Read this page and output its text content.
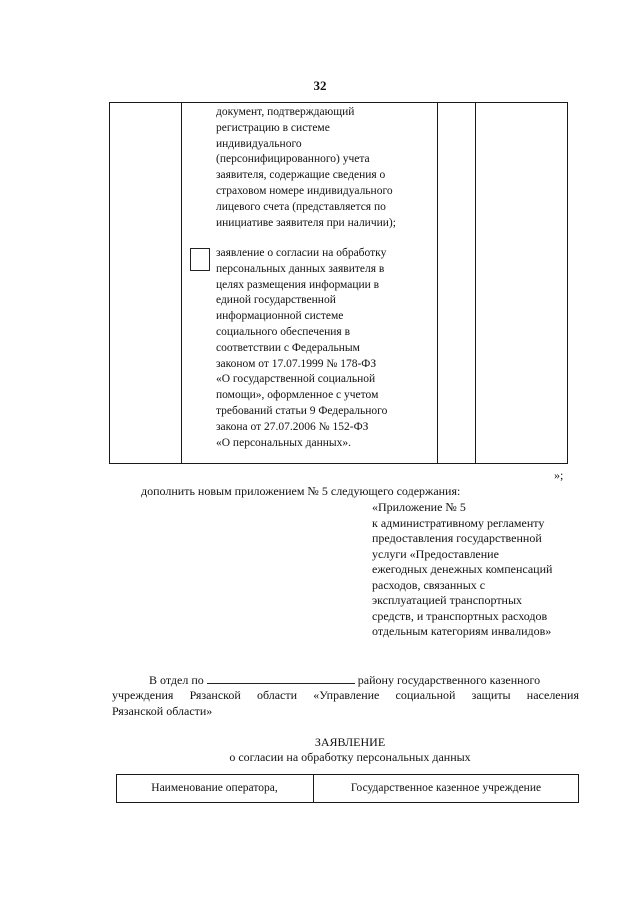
32
документ, подтверждающий
регистрацию в системе
индивидуального
(персонифицированного) учета
заявителя, содержащие сведения о
страховом номере индивидуального
лицевого счета (представляется по
инициативе заявителя при наличии);
заявление о согласии на обработку
персональных данных заявителя в
целях размещения информации в
единой государственной
информационной системе
социального обеспечения в
соответствии с Федеральным
законом от 17.07.1999 № 178-ФЗ
«О государственной социальной
помощи», оформленное с учетом
требований статьи 9 Федерального
закона от 27.07.2006 № 152-ФЗ
«О персональных данных».
»;
дополнить новым приложением № 5 следующего содержания:
«Приложение № 5
к административному регламенту
предоставления государственной
услуги «Предоставление
ежегодных денежных компенсаций
расходов, связанных с
эксплуатацией транспортных
средств, и транспортных расходов
отдельным категориям инвалидов»
В отдел по	району государственного казенного
учреждения Рязанской области «Управление социальной защиты населения
Рязанской области»
ЗАЯВЛЕНИЕ
о согласии на обработку персональных данных
Наименование оператора,	Государственное казенное учреждение
